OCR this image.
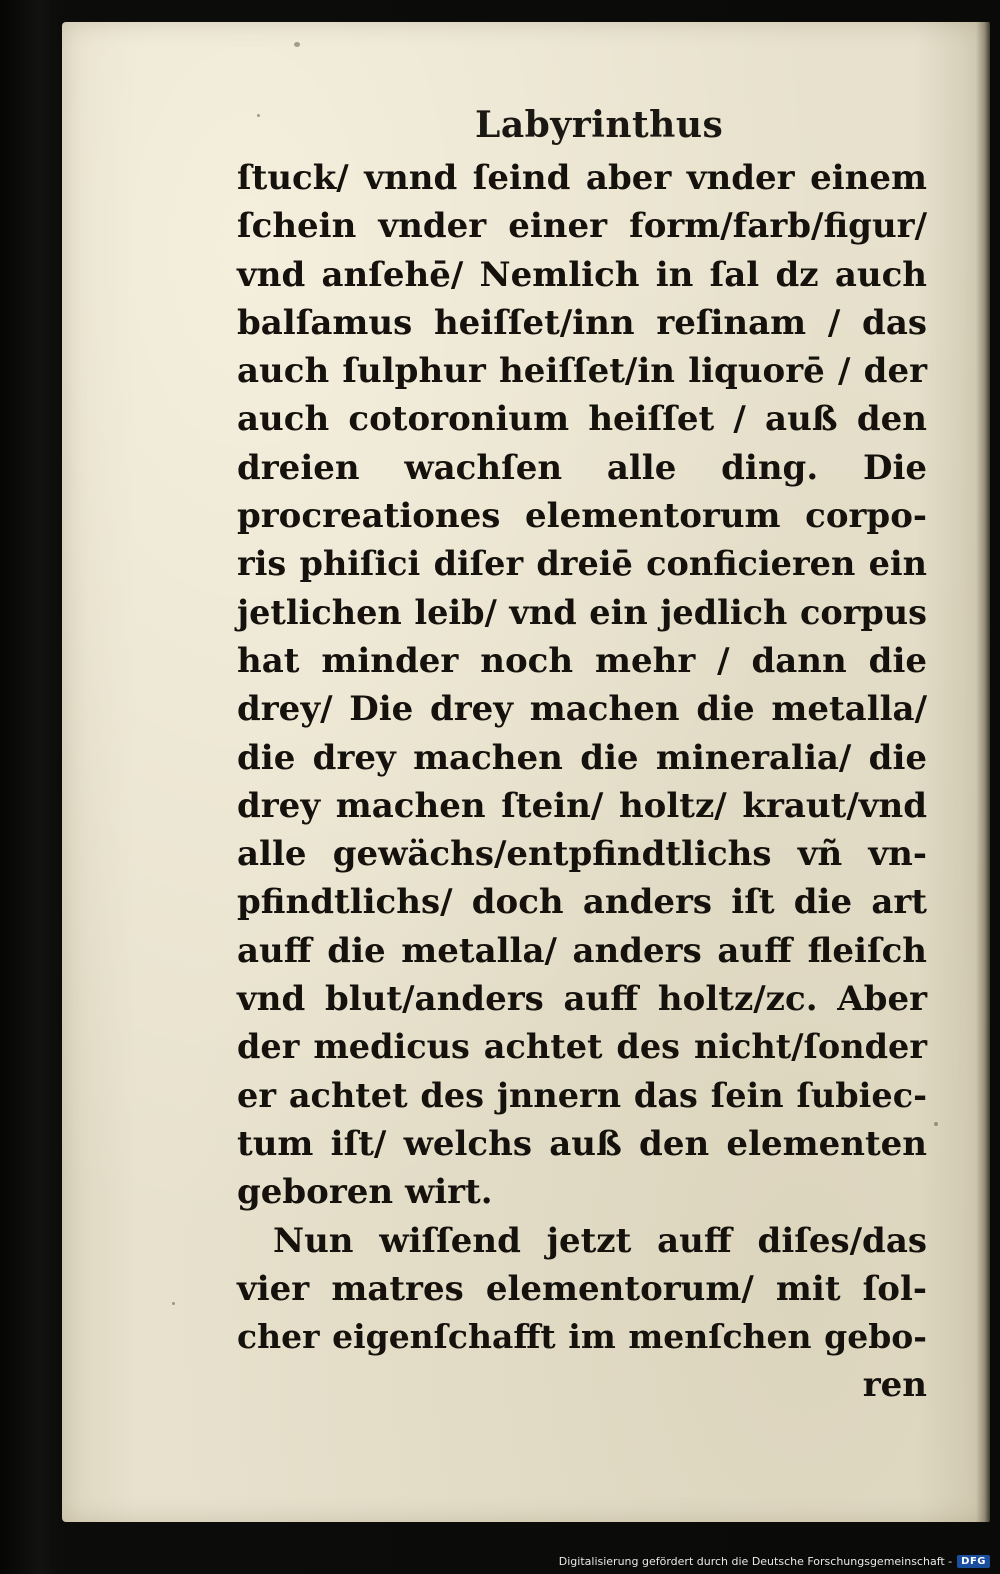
Labyrinthus
ſtuck/ vnnd ſeind aber vnder einem
ſchein vnder einer form/farb/figur/
vnd anſehē/ Nemlich in ſal dz auch
balſamus heiſſet/inn reſinam / das
auch ſulphur heiſſet/in liquorē / der
auch cotoronium heiſſet / auß den
dreien wachſen alle ding. Die
procreationes elementorum corpo-
ris phiſici diſer dreiē conficieren ein
jetlichen leib/ vnd ein jedlich corpus
hat minder noch mehr / dann die
drey/ Die drey machen die metalla/
die drey machen die mineralia/ die
drey machen ſtein/ holtz/ kraut/vnd
alle gewächs/entpfindtlichs vñ vn-
pfindtlichs/ doch anders iſt die art
auff die metalla/ anders auff fleiſch
vnd blut/anders auff holtz/zc. Aber
der medicus achtet des nicht/ſonder
er achtet des jnnern das ſein ſubiec-
tum iſt/ welchs auß den elementen
geboren wirt.
Nun wiſſend jetzt auff diſes/das
vier matres elementorum/ mit ſol-
cher eigenſchafft im menſchen gebo-
ren
Digitalisierung gefördert durch die Deutsche Forschungsgemeinschaft - DFG
